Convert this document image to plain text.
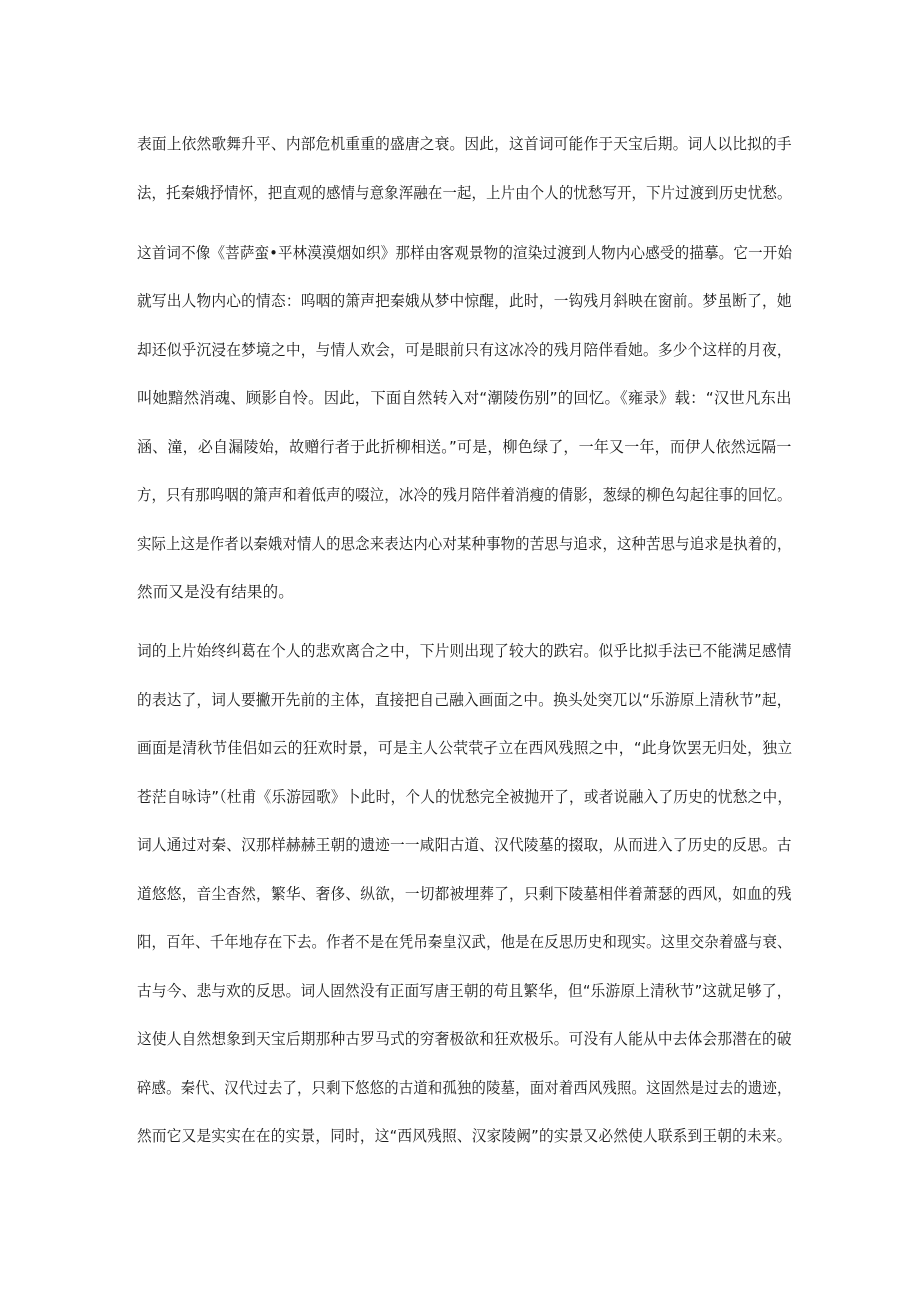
表面上依然歌舞升平、内部危机重重的盛唐之衰。因此，这首词可能作于天宝后期。词人以比拟的手
法，托秦娥抒情怀，把直观的感情与意象浑融在一起，上片由个人的忧愁写开，下片过渡到历史忧愁。
这首词不像《菩萨蛮•平林漠漠烟如织》那样由客观景物的渲染过渡到人物内心感受的描摹。它一开始
就写出人物内心的情态：呜咽的箫声把秦娥从梦中惊醒，此时，一钩残月斜映在窗前。梦虽断了，她
却还似乎沉浸在梦境之中，与情人欢会，可是眼前只有这冰冷的残月陪伴看她。多少个这样的月夜，
叫她黯然消魂、顾影自怜。因此，下面自然转入对“潮陵伤别”的回忆。《雍录》载：“汉世凡东出
涵、潼，必自漏陵始，故赠行者于此折柳相送。”可是，柳色绿了，一年又一年，而伊人依然远隔一
方，只有那呜咽的箫声和着低声的啜泣，冰冷的残月陪伴着消瘦的倩影，葱绿的柳色勾起往事的回忆。
实际上这是作者以秦娥对情人的思念来表达内心对某种事物的苦思与追求，这种苦思与追求是执着的，
然而又是没有结果的。
词的上片始终纠葛在个人的悲欢离合之中，下片则出现了较大的跌宕。似乎比拟手法已不能满足感情
的表达了，词人要撇开先前的主体，直接把自己融入画面之中。换头处突兀以“乐游原上清秋节”起，
画面是清秋节佳侣如云的狂欢时景，可是主人公茕茕孑立在西风残照之中，“此身饮罢无归处，独立
苍茫自咏诗”（杜甫《乐游园歌》卜此时，个人的忧愁完全被抛开了，或者说融入了历史的忧愁之中，
词人通过对秦、汉那样赫赫王朝的遗迹一一咸阳古道、汉代陵墓的掇取，从而进入了历史的反思。古
道悠悠，音尘杳然，繁华、奢侈、纵欲，一切都被埋葬了，只剩下陵墓相伴着萧瑟的西风，如血的残
阳，百年、千年地存在下去。作者不是在凭吊秦皇汉武，他是在反思历史和现实。这里交杂着盛与衰、
古与今、悲与欢的反思。词人固然没有正面写唐王朝的苟且繁华，但“乐游原上清秋节”这就足够了，
这使人自然想象到天宝后期那种古罗马式的穷奢极欲和狂欢极乐。可没有人能从中去体会那潜在的破
碎感。秦代、汉代过去了，只剩下悠悠的古道和孤独的陵墓，面对着西风残照。这固然是过去的遗迹，
然而它又是实实在在的实景，同时，这“西风残照、汉家陵阙”的实景又必然使人联系到王朝的未来。
